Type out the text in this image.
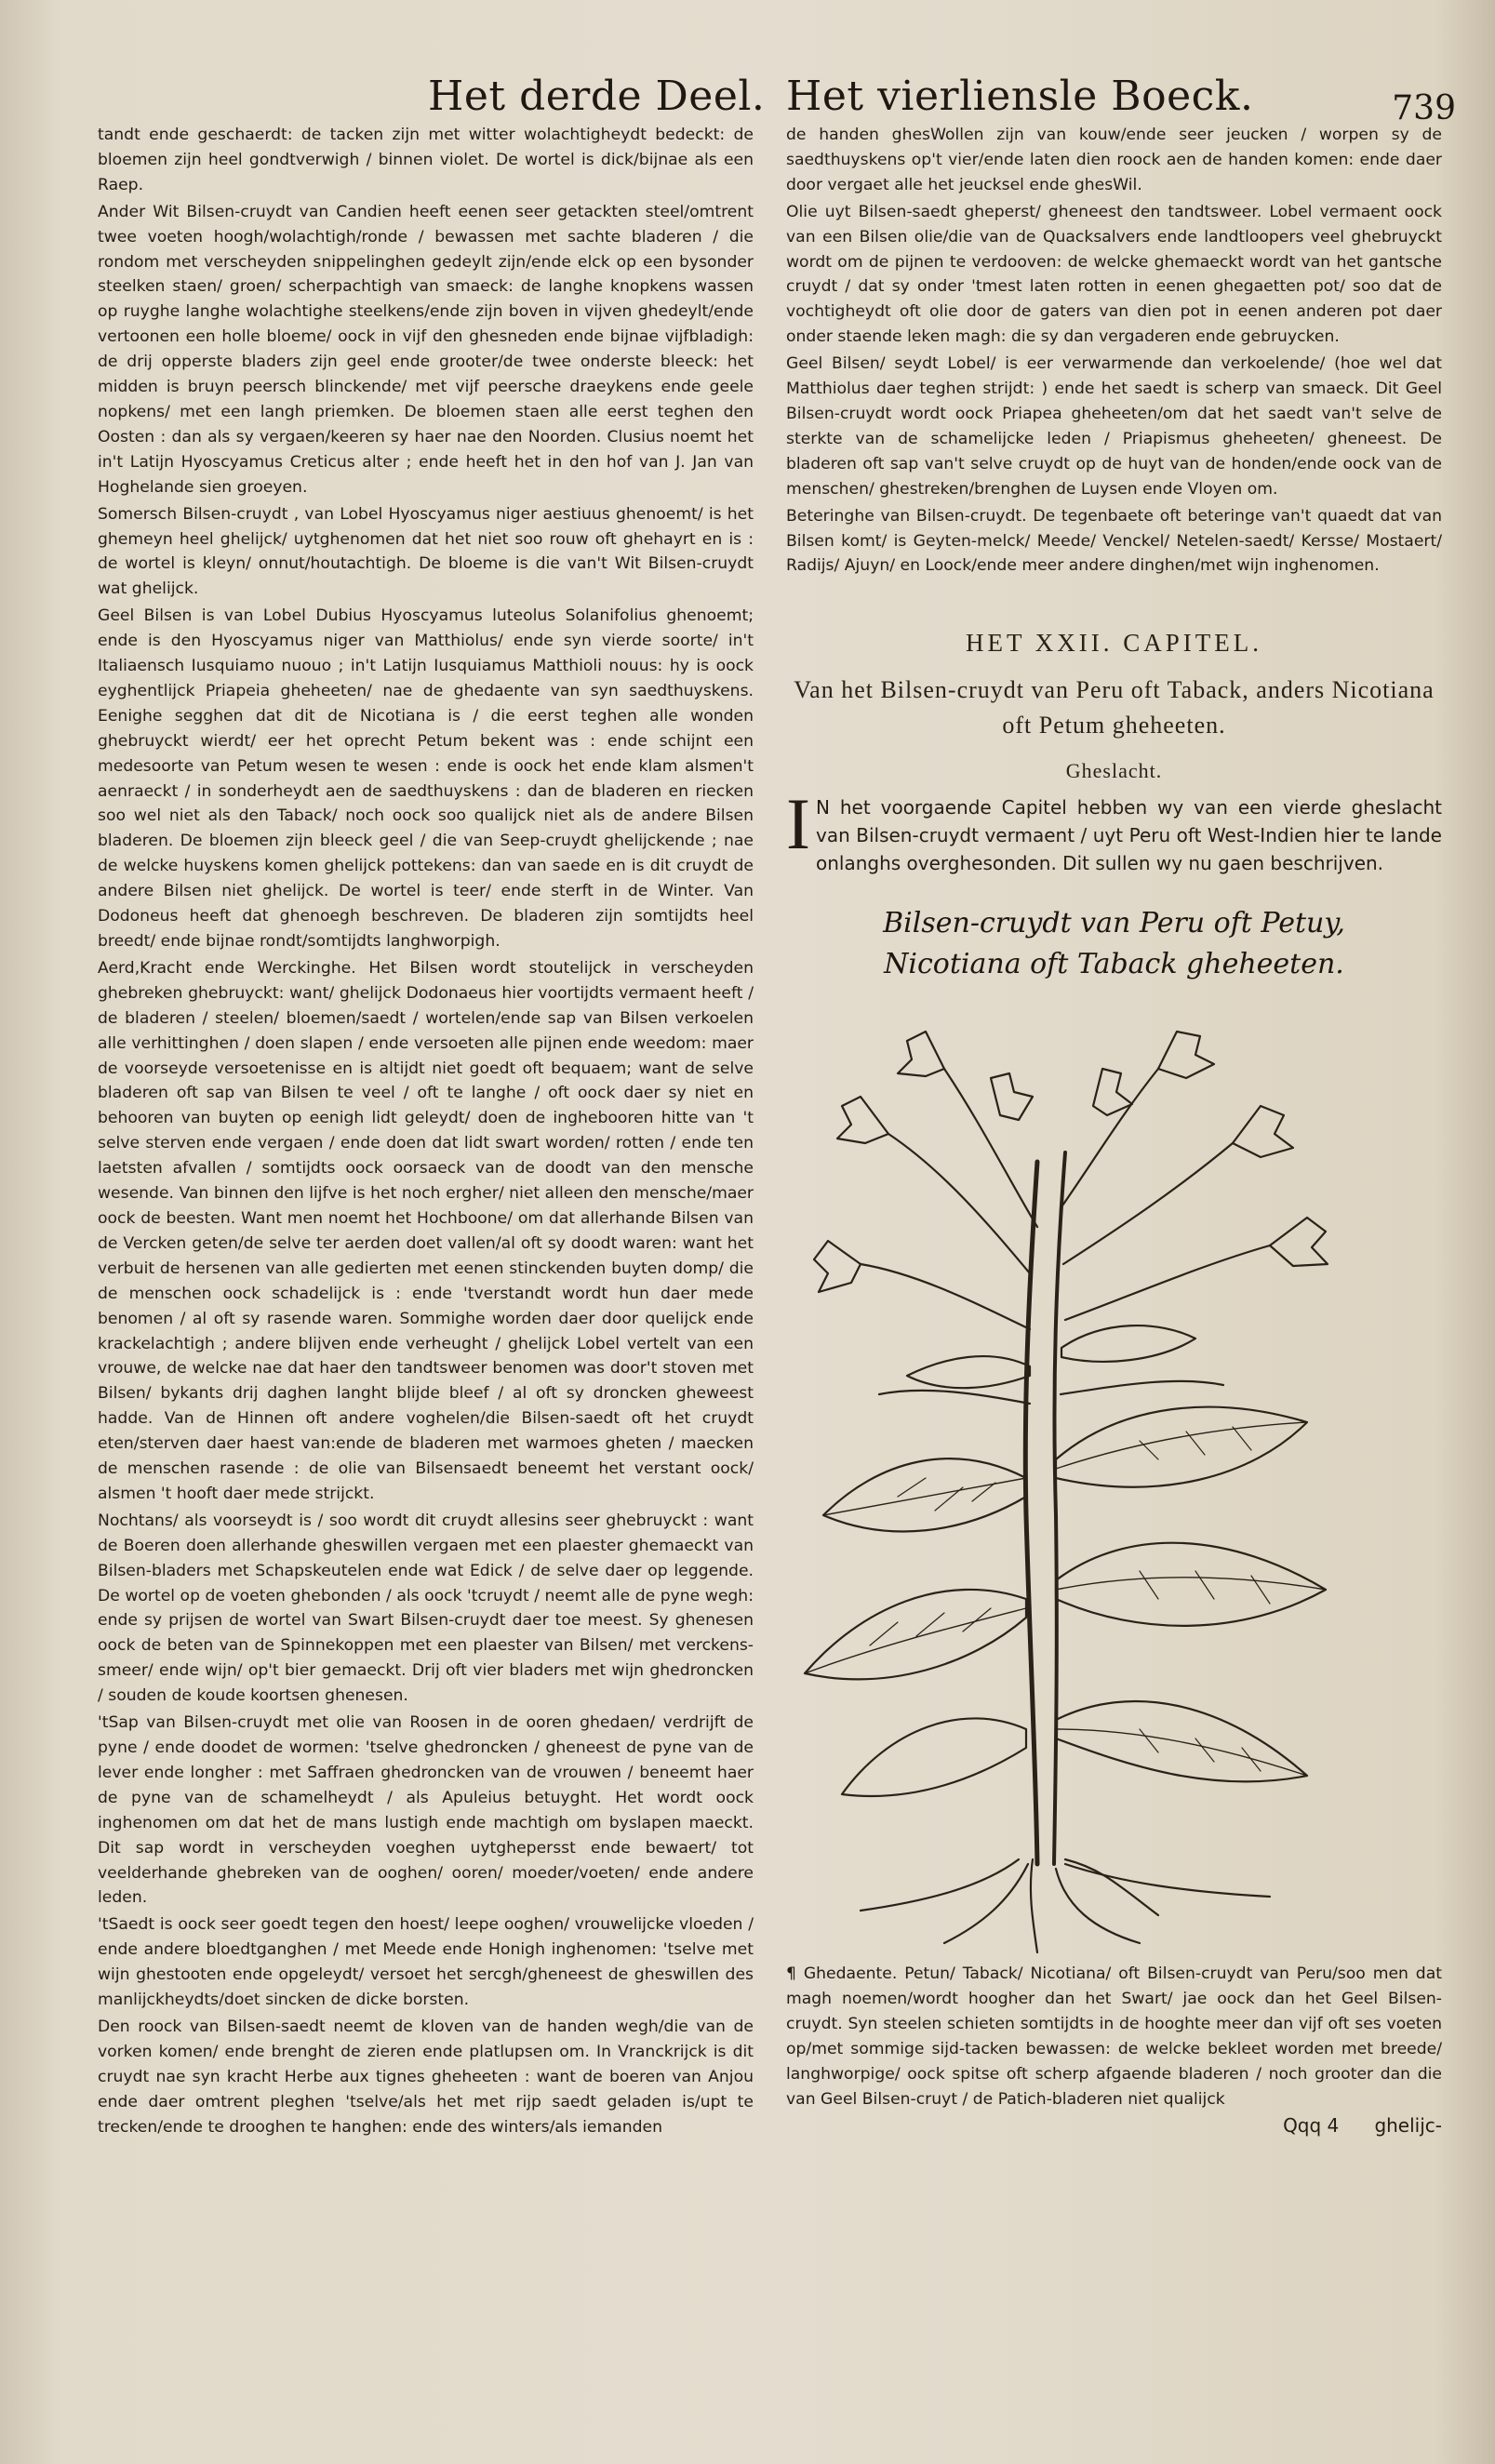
Het derde Deel. Het vierliensle Boeck.	739

tandt ende geschaerdt: de tacken zijn met witter wolachtigheydt bedeckt: de bloemen zijn heel gondtverwigh / binnen violet. De wortel is dick/bijnae als een Raep.

Ander Wit Bilsen-cruydt van Candien heeft eenen seer getackten steel/omtrent twee voeten hoogh/wolachtigh/ronde / bewassen met sachte bladeren / die rondom met verscheyden snippelinghen gedeylt zijn/ende elck op een bysonder steelken staen/ groen/ scherpachtigh van smaeck: de langhe knopkens wassen op ruyghe langhe wolachtighe steelkens/ende zijn boven in vijven ghedeylt/ende vertoonen een holle bloeme/ oock in vijf den ghesneden ende bijnae vijfbladigh: de drij opperste bladers zijn geel ende grooter/de twee onderste bleeck: het midden is bruyn peersch blinckende/ met vijf peersche draeykens ende geele nopkens/ met een langh priemken. De bloemen staen alle eerst teghen den Oosten : dan als sy vergaen/keeren sy haer nae den Noorden. Clusius noemt het in't Latijn Hyoscyamus Creticus alter ; ende heeft het in den hof van J. Jan van Hoghelande sien groeyen.

Somersch Bilsen-cruydt , van Lobel Hyoscyamus niger aestiuus ghenoemt/ is het ghemeyn heel ghelijck/ uytghenomen dat het niet soo rouw oft ghehayrt en is : de wortel is kleyn/ onnut/houtachtigh. De bloeme is die van't Wit Bilsen-cruydt wat ghelijck.

Geel Bilsen is van Lobel Dubius Hyoscyamus luteolus Solanifolius ghenoemt; ende is den Hyoscyamus niger van Matthiolus/ ende syn vierde soorte/ in't Italiaensch Iusquiamo nuouo ; in't Latijn Iusquiamus Matthioli nouus: hy is oock eyghentlijck Priapeia gheheeten/ nae de ghedaente van syn saedthuyskens. Eenighe segghen dat dit de Nicotiana is / die eerst teghen alle wonden ghebruyckt wierdt/ eer het oprecht Petum bekent was : ende schijnt een medesoorte van Petum wesen te wesen : ende is oock het ende klam alsmen't aenraeckt / in sonderheydt aen de saedthuyskens : dan de bladeren en riecken soo wel niet als den Taback/ noch oock soo qualijck niet als de andere Bilsen bladeren. De bloemen zijn bleeck geel / die van Seep-cruydt ghelijckende ; nae de welcke huyskens komen ghelijck pottekens: dan van saede en is dit cruydt de andere Bilsen niet ghelijck. De wortel is teer/ ende sterft in de Winter. Van Dodoneus heeft dat ghenoegh beschreven. De bladeren zijn somtijdts heel breedt/ ende bijnae rondt/somtijdts langhworpigh.

Aerd,Kracht ende Werckinghe. Het Bilsen wordt stoutelijck in verscheyden ghebreken ghebruyckt: want/ ghelijck Dodonaeus hier voortijdts vermaent heeft / de bladeren / steelen/ bloemen/saedt / wortelen/ende sap van Bilsen verkoelen alle verhittinghen / doen slapen / ende versoeten alle pijnen ende weedom: maer de voorseyde versoetenisse en is altijdt niet goedt oft bequaem; want de selve bladeren oft sap van Bilsen te veel / oft te langhe / oft oock daer sy niet en behooren van buyten op eenigh lidt geleydt/ doen de inghebooren hitte van 't selve sterven ende vergaen / ende doen dat lidt swart worden/ rotten / ende ten laetsten afvallen / somtijdts oock oorsaeck van de doodt van den mensche wesende. Van binnen den lijfve is het noch ergher/ niet alleen den mensche/maer oock de beesten. Want men noemt het Hochboone/ om dat allerhande Bilsen van de Vercken geten/de selve ter aerden doet vallen/al oft sy doodt waren: want het verbuit de hersenen van alle gedierten met eenen stinckenden buyten domp/ die de menschen oock schadelijck is : ende 'tverstandt wordt hun daer mede benomen / al oft sy rasende waren. Sommighe worden daer door quelijck ende krackelachtigh ; andere blijven ende verheught / ghelijck Lobel vertelt van een vrouwe, de welcke nae dat haer den tandtsweer benomen was door't stoven met Bilsen/ bykants drij daghen langht blijde bleef / al oft sy droncken gheweest hadde. Van de Hinnen oft andere voghelen/die Bilsen-saedt oft het cruydt eten/sterven daer haest van:ende de bladeren met warmoes gheten / maecken de menschen rasende : de olie van Bilsensaedt beneemt het verstant oock/ alsmen 't hooft daer mede strijckt.

Nochtans/ als voorseydt is / soo wordt dit cruydt allesins seer ghebruyckt : want de Boeren doen allerhande gheswillen vergaen met een plaester ghemaeckt van Bilsen-bladers met Schapskeutelen ende wat Edick / de selve daer op leggende. De wortel op de voeten ghebonden / als oock 'tcruydt / neemt alle de pyne wegh: ende sy prijsen de wortel van Swart Bilsen-cruydt daer toe meest. Sy ghenesen oock de beten van de Spinnekoppen met een plaester van Bilsen/ met verckens-smeer/ ende wijn/ op't bier gemaeckt. Drij oft vier bladers met wijn ghedroncken / souden de koude koortsen ghenesen.

'tSap van Bilsen-cruydt met olie van Roosen in de ooren ghedaen/ verdrijft de pyne / ende doodet de wormen: 'tselve ghedroncken / gheneest de pyne van de lever ende longher : met Saffraen ghedroncken van de vrouwen / beneemt haer de pyne van de schamelheydt / als Apuleius betuyght. Het wordt oock inghenomen om dat het de mans lustigh ende machtigh om byslapen maeckt. Dit sap wordt in verscheyden voeghen uytghepersst ende bewaert/ tot veelderhande ghebreken van de ooghen/ ooren/ moeder/voeten/ ende andere leden.

'tSaedt is oock seer goedt tegen den hoest/ leepe ooghen/ vrouwelijcke vloeden / ende andere bloedtganghen / met Meede ende Honigh inghenomen: 'tselve met wijn ghestooten ende opgeleydt/ versoet het sercgh/gheneest de gheswillen des manlijckheydts/doet sincken de dicke borsten.

Den roock van Bilsen-saedt neemt de kloven van de handen wegh/die van de vorken komen/ ende brenght de zieren ende platlupsen om. In Vranckrijck is dit cruydt nae syn kracht Herbe aux tignes gheheeten : want de boeren van Anjou ende daer omtrent pleghen 'tselve/als het met rijp saedt geladen is/upt te trecken/ende te drooghen te hanghen: ende des winters/als iemanden

de handen ghesWollen zijn van kouw/ende seer jeucken / worpen sy de saedthuyskens op't vier/ende laten dien roock aen de handen komen: ende daer door vergaet alle het jeucksel ende ghesWil.

Olie uyt Bilsen-saedt gheperst/ gheneest den tandtsweer. Lobel vermaent oock van een Bilsen olie/die van de Quacksalvers ende landtloopers veel ghebruyckt wordt om de pijnen te verdooven: de welcke ghemaeckt wordt van het gantsche cruydt / dat sy onder 'tmest laten rotten in eenen ghegaetten pot/ soo dat de vochtigheydt oft olie door de gaters van dien pot in eenen anderen pot daer onder staende leken magh: die sy dan vergaderen ende gebruycken.

Geel Bilsen/ seydt Lobel/ is eer verwarmende dan verkoelende/ (hoe wel dat Matthiolus daer teghen strijdt: ) ende het saedt is scherp van smaeck. Dit Geel Bilsen-cruydt wordt oock Priapea gheheeten/om dat het saedt van't selve de sterkte van de schamelijcke leden / Priapismus gheheeten/ gheneest. De bladeren oft sap van't selve cruydt op de huyt van de honden/ende oock van de menschen/ ghestreken/brenghen de Luysen ende Vloyen om.

Beteringhe van Bilsen-cruydt. De tegenbaete oft beteringe van't quaedt dat van Bilsen komt/ is Geyten-melck/ Meede/ Venckel/ Netelen-saedt/ Kersse/ Mostaert/ Radijs/ Ajuyn/ en Loock/ende meer andere dinghen/met wijn inghenomen.

HET XXII. CAPITEL.
Van het Bilsen-cruydt van Peru oft Taback, anders Nicotiana oft Petum gheheeten.
Gheslacht.
I N het voorgaende Capitel hebben wy van een vierde gheslacht van Bilsen-cruydt vermaent / uyt Peru oft West-Indien hier te lande onlanghs overghesonden. Dit sullen wy nu gaen beschrijven.
Bilsen-cruydt van Peru oft Petuy,
Nicotiana oft Taback gheheeten.

¶ Ghedaente. Petun/ Taback/ Nicotiana/ oft Bilsen-cruydt van Peru/soo men dat magh noemen/wordt hoogher dan het Swart/ jae oock dan het Geel Bilsen-cruydt. Syn steelen schieten somtijdts in de hooghte meer dan vijf oft ses voeten op/met sommige sijd-tacken bewassen: de welcke beklеet worden met breede/ langhworpige/ oock spitse oft scherp afgaende bladeren / noch grooter dan die van Geel Bilsen-cruyt / de Patich-bladeren niet qualijck

Qqq 4 ghelijc-
